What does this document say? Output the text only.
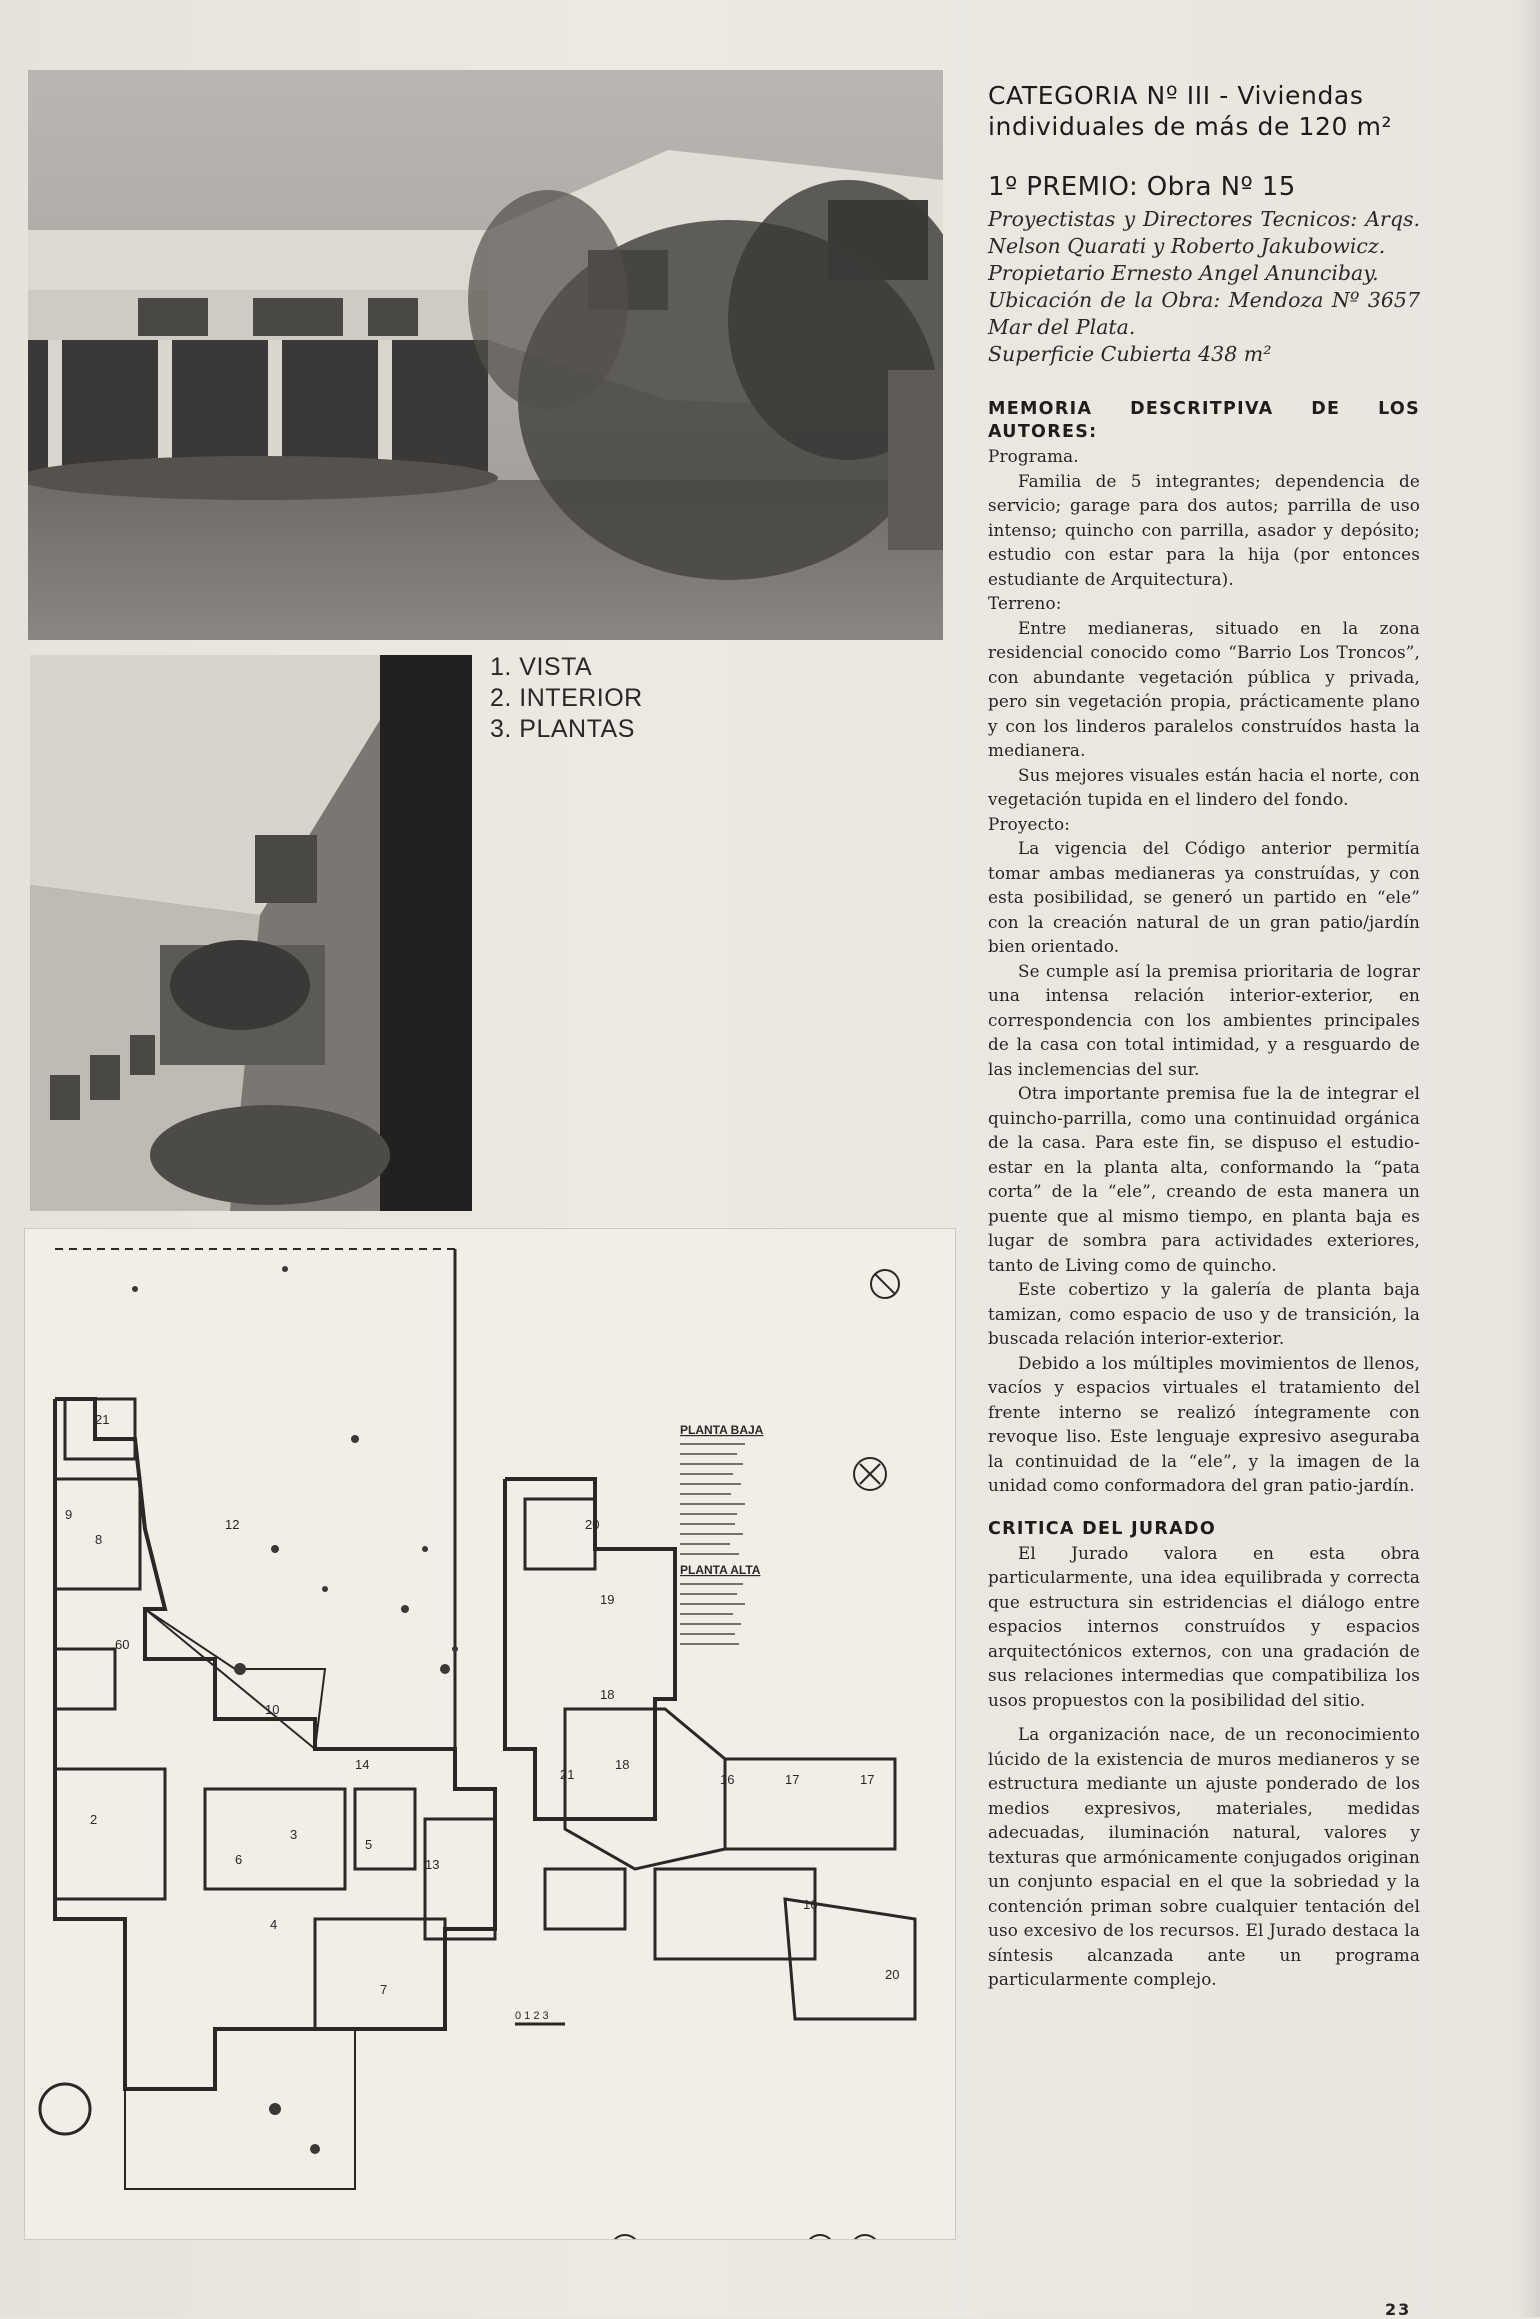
1. VISTA
2. INTERIOR
3. PLANTAS
21
9
8
12
60
10
14
2
3
6
5
13
4
7
20
19
18
18
16	17	17
16
20
21
PLANTA BAJA
PLANTA ALTA
0 1 2 3
CATEGORIA Nº III - Viviendas individuales de más de 120 m²
1º PREMIO: Obra Nº 15
Proyectistas y Directores Tecnicos: Arqs. Nelson Quarati y Roberto Jakubowicz.
Propietario Ernesto Angel Anuncibay.
Ubicación de la Obra: Mendoza Nº 3657 Mar del Plata.
Superficie Cubierta 438 m²
MEMORIA DESCRITPIVA DE LOS AUTORES:

Programa.

Familia de 5 integrantes; dependencia de servicio; garage para dos autos; parrilla de uso intenso; quincho con parrilla, asador y depósito; estudio con estar para la hija (por entonces estudiante de Arquitectura).

Terreno:

Entre medianeras, situado en la zona residencial conocido como “Barrio Los Troncos”, con abundante vegetación pública y privada, pero sin vegetación propia, prácticamente plano y con los linderos paralelos construídos hasta la medianera.

Sus mejores visuales están hacia el norte, con vegetación tupida en el lindero del fondo.

Proyecto:

La vigencia del Código anterior permitía tomar ambas medianeras ya construídas, y con esta posibilidad, se generó un partido en “ele” con la creación natural de un gran patio/jardín bien orientado.

Se cumple así la premisa prioritaria de lograr una intensa relación interior-exterior, en correspondencia con los ambientes principales de la casa con total intimidad, y a resguardo de las inclemencias del sur.

Otra importante premisa fue la de integrar el quincho-parrilla, como una continuidad orgánica de la casa. Para este fin, se dispuso el estudio-estar en la planta alta, conformando la “pata corta” de la “ele”, creando de esta manera un puente que al mismo tiempo, en planta baja es lugar de sombra para actividades exteriores, tanto de Living como de quincho.

Este cobertizo y la galería de planta baja tamizan, como espacio de uso y de transición, la buscada relación interior-exterior.

Debido a los múltiples movimientos de llenos, vacíos y espacios virtuales el tratamiento del frente interno se realizó íntegramente con revoque liso. Este lenguaje expresivo aseguraba la continuidad de la “ele”, y la imagen de la unidad como conformadora del gran patio-jardín.

CRITICA DEL JURADO

El Jurado valora en esta obra particularmente, una idea equilibrada y correcta que estructura sin estridencias el diálogo entre espacios internos construídos y espacios arquitectónicos externos, con una gradación de sus relaciones intermedias que compatibiliza los usos propuestos con la posibilidad del sitio.

La organización nace, de un reconocimiento lúcido de la existencia de muros medianeros y se estructura mediante un ajuste ponderado de los medios expresivos, materiales, medidas adecuadas, iluminación natural, valores y texturas que armónicamente conjugados originan un conjunto espacial en el que la sobriedad y la contención priman sobre cualquier tentación del uso excesivo de los recursos. El Jurado destaca la síntesis alcanzada ante un programa particularmente complejo.

23
